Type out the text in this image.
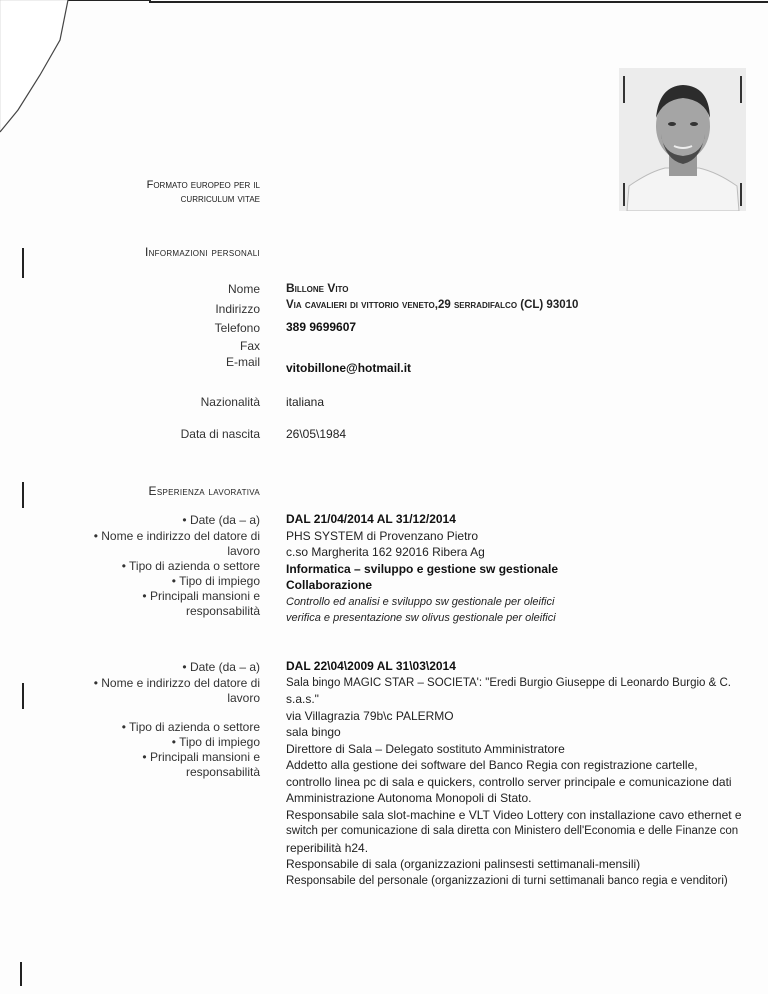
Formato europeo per il
curriculum vitae
Informazioni personali
Nome Billone Vito
Indirizzo Via cavalieri di vittorio veneto,29 serradifalco (CL) 93010
Telefono 389 9699607
Fax
E-mail vitobillone@hotmail.it
Nazionalità italiana
Data di nascita 26\05\1984
Esperienza lavorativa
• Date (da – a)
• Nome e indirizzo del datore di
lavoro
• Tipo di azienda o settore
• Tipo di impiego
• Principali mansioni e
responsabilità
DAL 21/04/2014 AL 31/12/2014
PHS SYSTEM di Provenzano Pietro
c.so Margherita 162 92016 Ribera Ag
Informatica – sviluppo e gestione sw gestionale
Collaborazione
Controllo ed analisi e sviluppo sw gestionale per oleifici
verifica e presentazione sw olivus gestionale per oleifici
• Date (da – a)
• Nome e indirizzo del datore di
lavoro
• Tipo di azienda o settore
• Tipo di impiego
• Principali mansioni e
responsabilità
DAL 22\04\2009 AL 31\03\2014
Sala bingo MAGIC STAR – SOCIETA': "Eredi Burgio Giuseppe di Leonardo Burgio & C.
s.a.s."
via Villagrazia 79b\c PALERMO
sala bingo
Direttore di Sala – Delegato sostituto Amministratore
Addetto alla gestione dei software del Banco Regia con registrazione cartelle,
controllo linea pc di sala e quickers, controllo server principale e comunicazione dati
Amministrazione Autonoma Monopoli di Stato.
Responsabile sala slot-machine e VLT Video Lottery con installazione cavo ethernet e
switch per comunicazione di sala diretta con Ministero dell'Economia e delle Finanze con
reperibilità h24.
Responsabile di sala (organizzazioni palinsesti settimanali-mensili)
Responsabile del personale (organizzazioni di turni settimanali banco regia e venditori)
